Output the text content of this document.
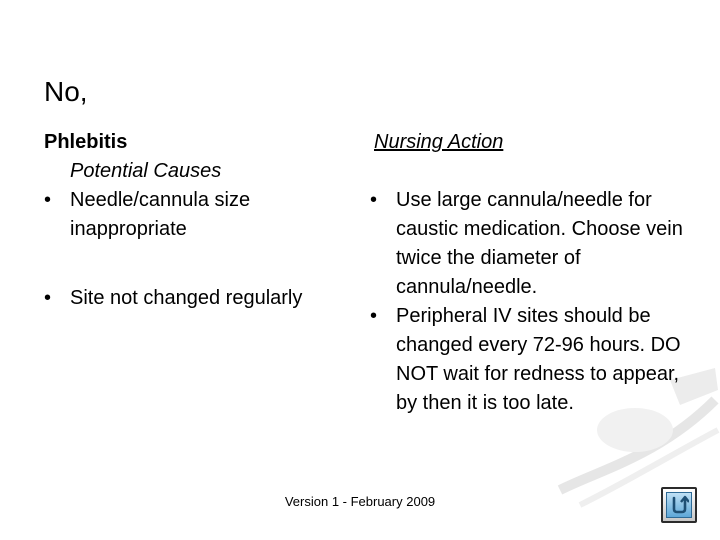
No,
Phlebitis
Potential Causes
• Needle/cannula size inappropriate
• Site not changed regularly
Nursing Action
• Use large cannula/needle for caustic medication. Choose vein twice the diameter of cannula/needle.
• Peripheral IV sites should be changed every 72-96 hours. DO NOT wait for redness to appear, by then it is too late.
Version 1 - February 2009
